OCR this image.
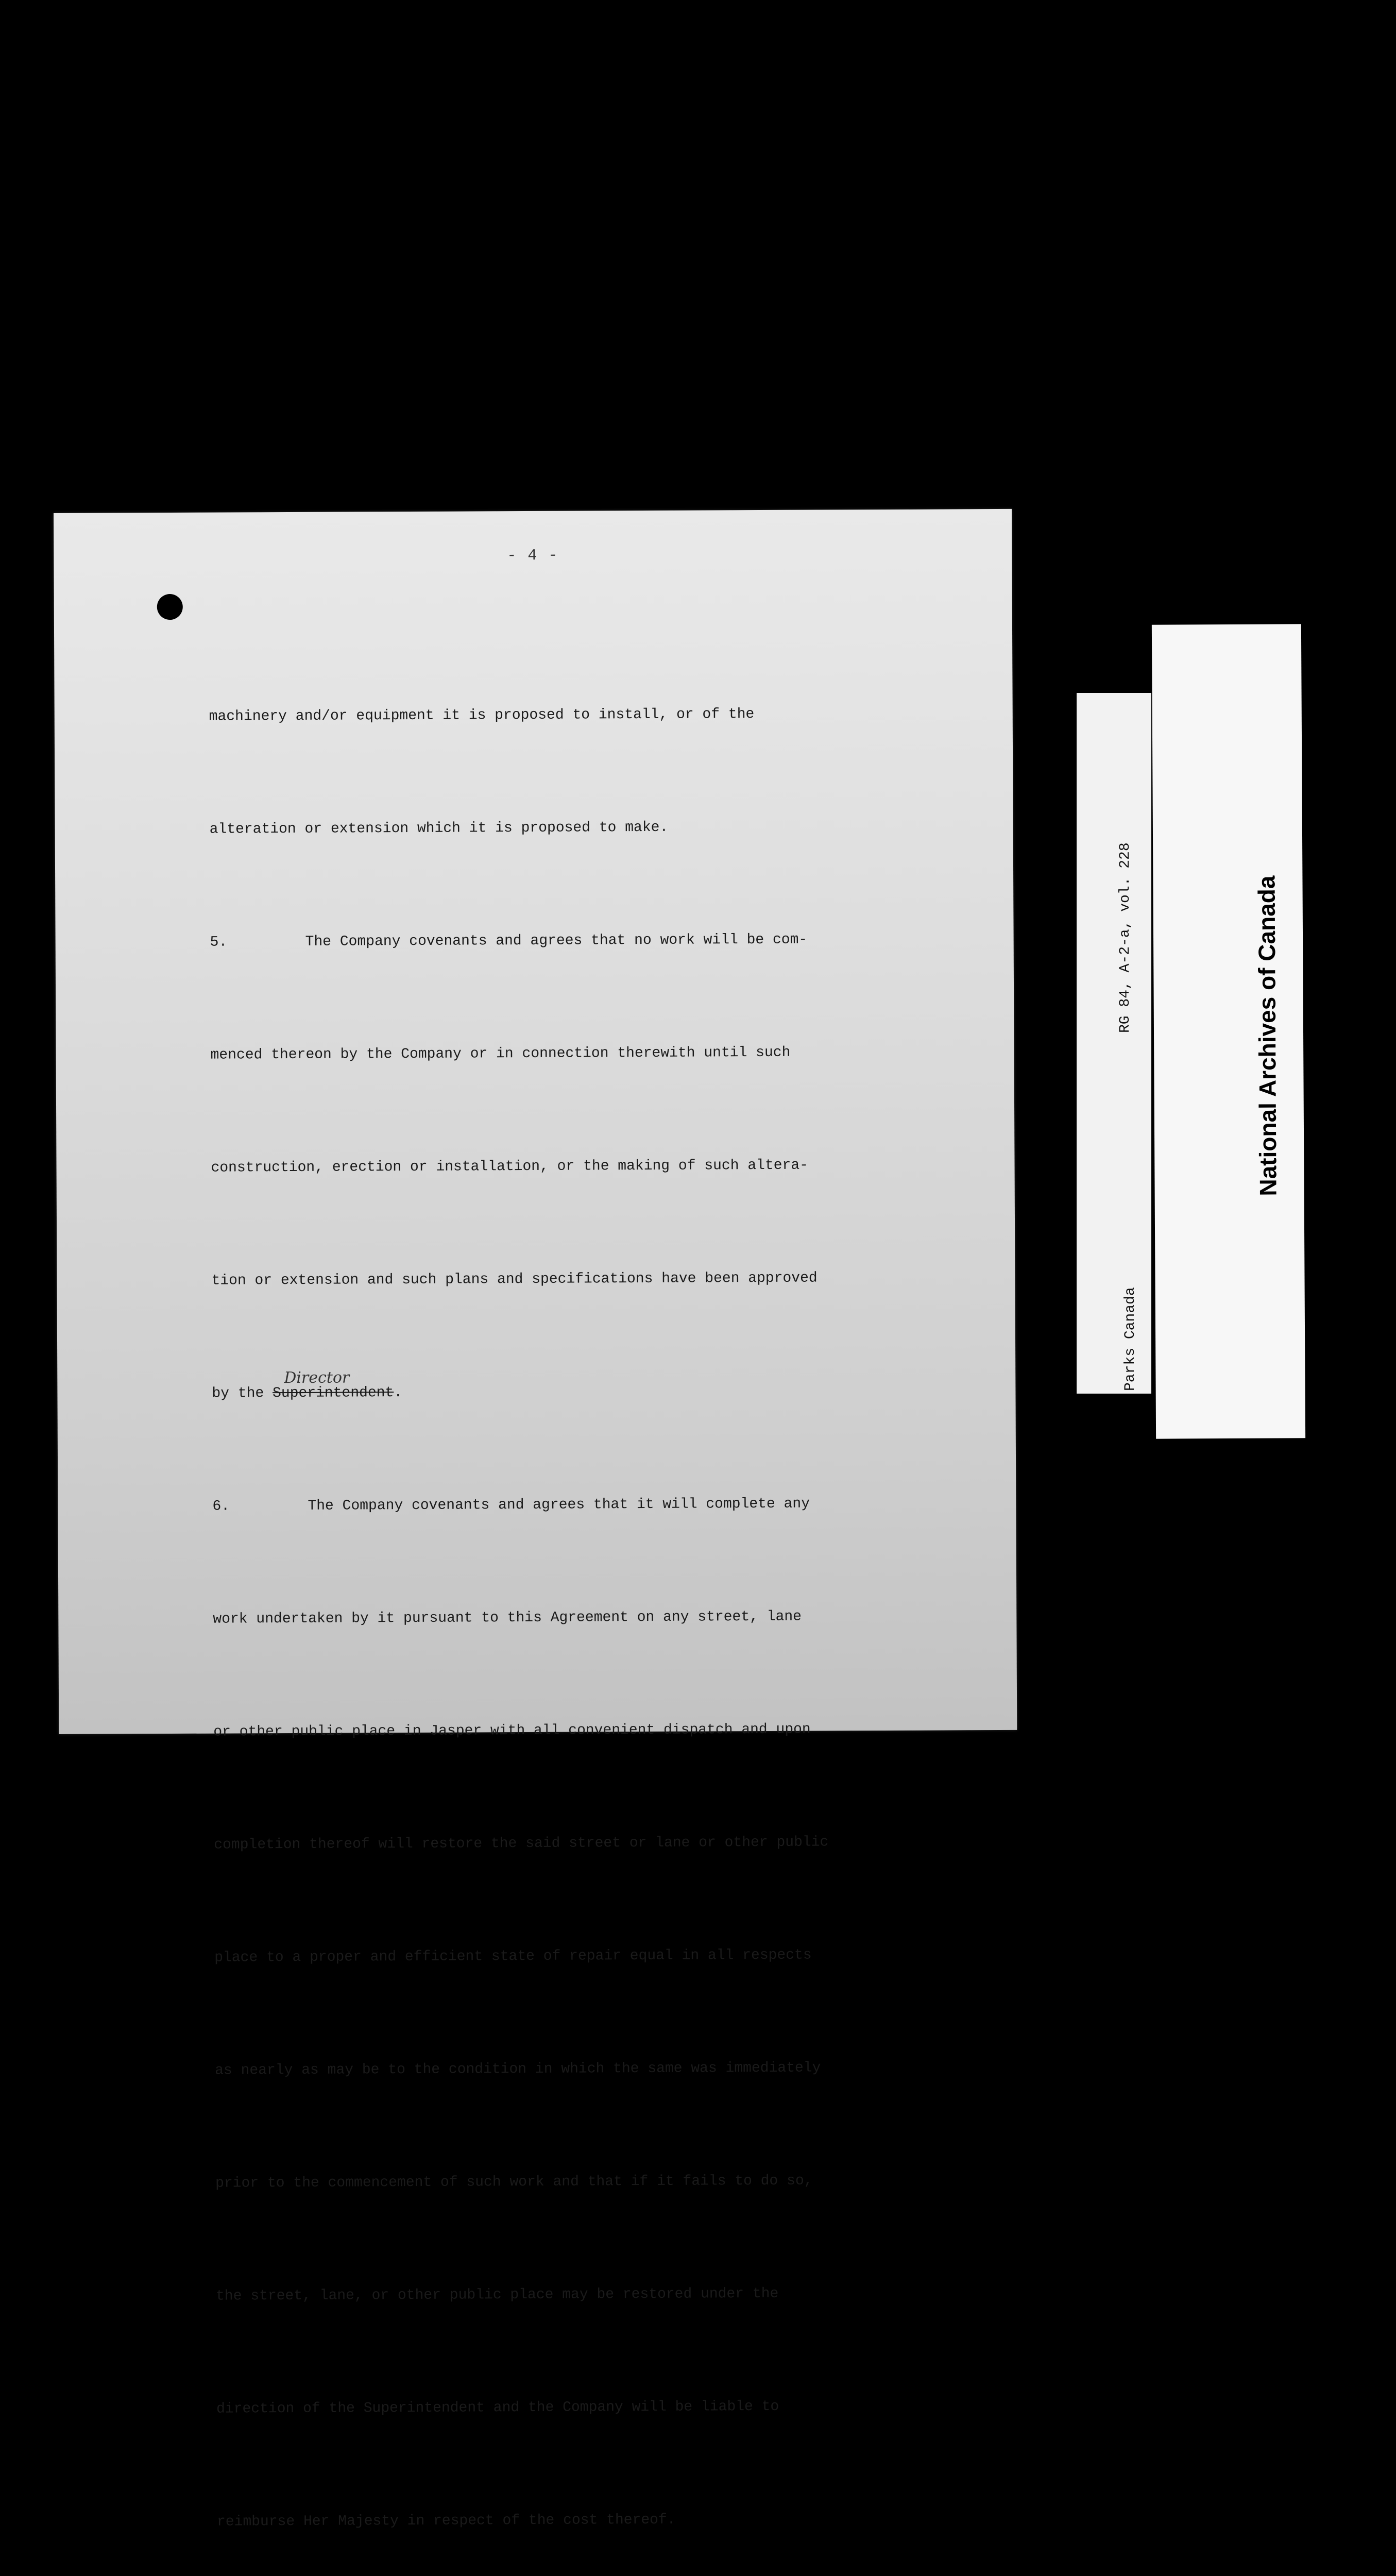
- 4 -

machinery and/or equipment it is proposed to install, or of the

alteration or extension which it is proposed to make.

5.	The Company covenants and agrees that no work will be com-

menced thereon by the Company or in connection therewith until such

construction, erection or installation, or the making of such altera-

tion or extension and such plans and specifications have been approved

by the Superintendent.
Director

6.	The Company covenants and agrees that it will complete any

work undertaken by it pursuant to this Agreement on any street, lane

or other public place in Jasper with all convenient dispatch and upon

completion thereof will restore the said street or lane or other public

place to a proper and efficient state of repair equal in all respects

as nearly as may be to the condition in which the same was immediately

prior to the commencement of such work and that if it fails to do so,

the street, lane, or other public place may be restored under the

direction of the Superintendent and the Company will be liable to

reimburse Her Majesty in respect of the cost thereof.

RG 84, A-2-a, vol. 228

Parks Canada

National Archives of Canada

Archives nationales du Canada
